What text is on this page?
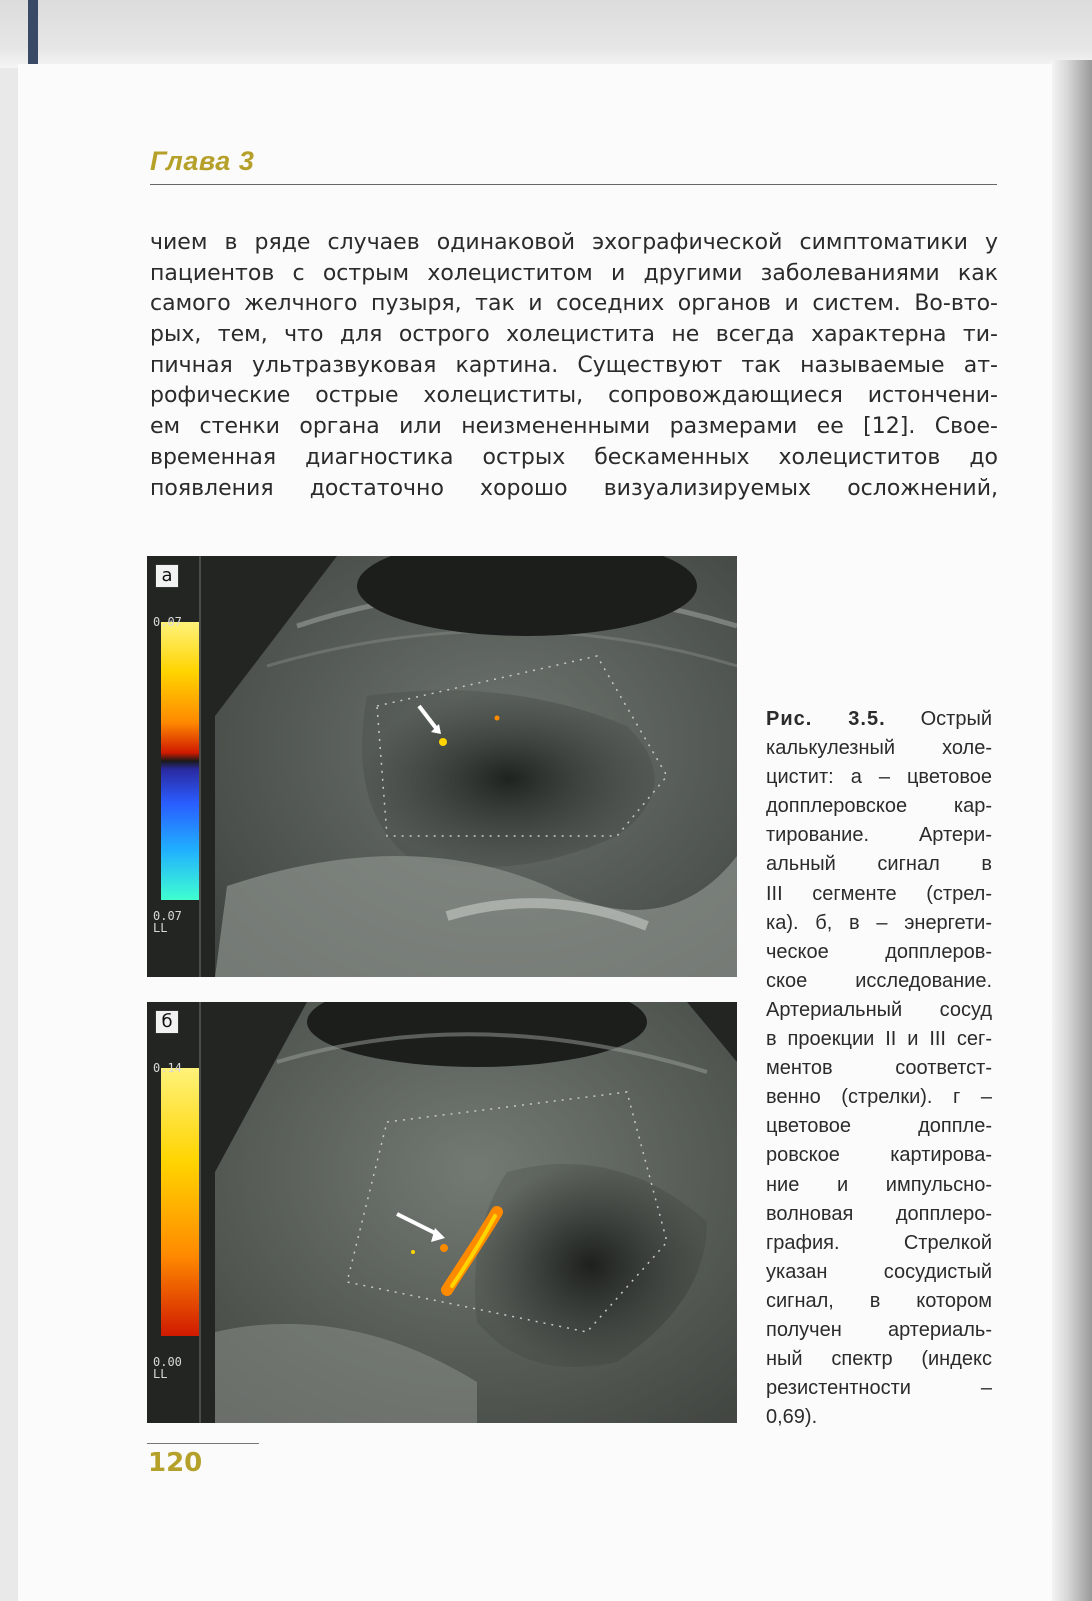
Глава 3
чием в ряде случаев одинаковой эхографической симптоматики у
пациентов с острым холециститом и другими заболеваниями как
самого желчного пузыря, так и соседних органов и систем. Во-вто-
рых, тем, что для острого холецистита не всегда характерна ти-
пичная ультразвуковая картина. Существуют так называемые ат-
рофические острые холециститы, сопровождающиеся истончени-
ем стенки органа или неизмененными размерами ее [12]. Свое-
временная диагностика острых бескаменных холециститов до
появления достаточно хорошо визуализируемых осложнений,
а
0.07
0.07
LL
б
0.14
0.00
LL
Рис. 3.5. Острый
калькулезный холе-
цистит: а – цветовое
допплеровское кар-
тирование. Артери-
альный сигнал в
III сегменте (стрел-
ка). б, в – энергети-
ческое допплеров-
ское исследование.
Артериальный сосуд
в проекции II и III сег-
ментов соответст-
венно (стрелки). г –
цветовое допплe-
ровское картирова-
ние и импульсно-
волновая допплеро-
графия. Стрелкой
указан сосудистый
сигнал, в котором
получен артериаль-
ный спектр (индекс
резистентности –
0,69).
120
